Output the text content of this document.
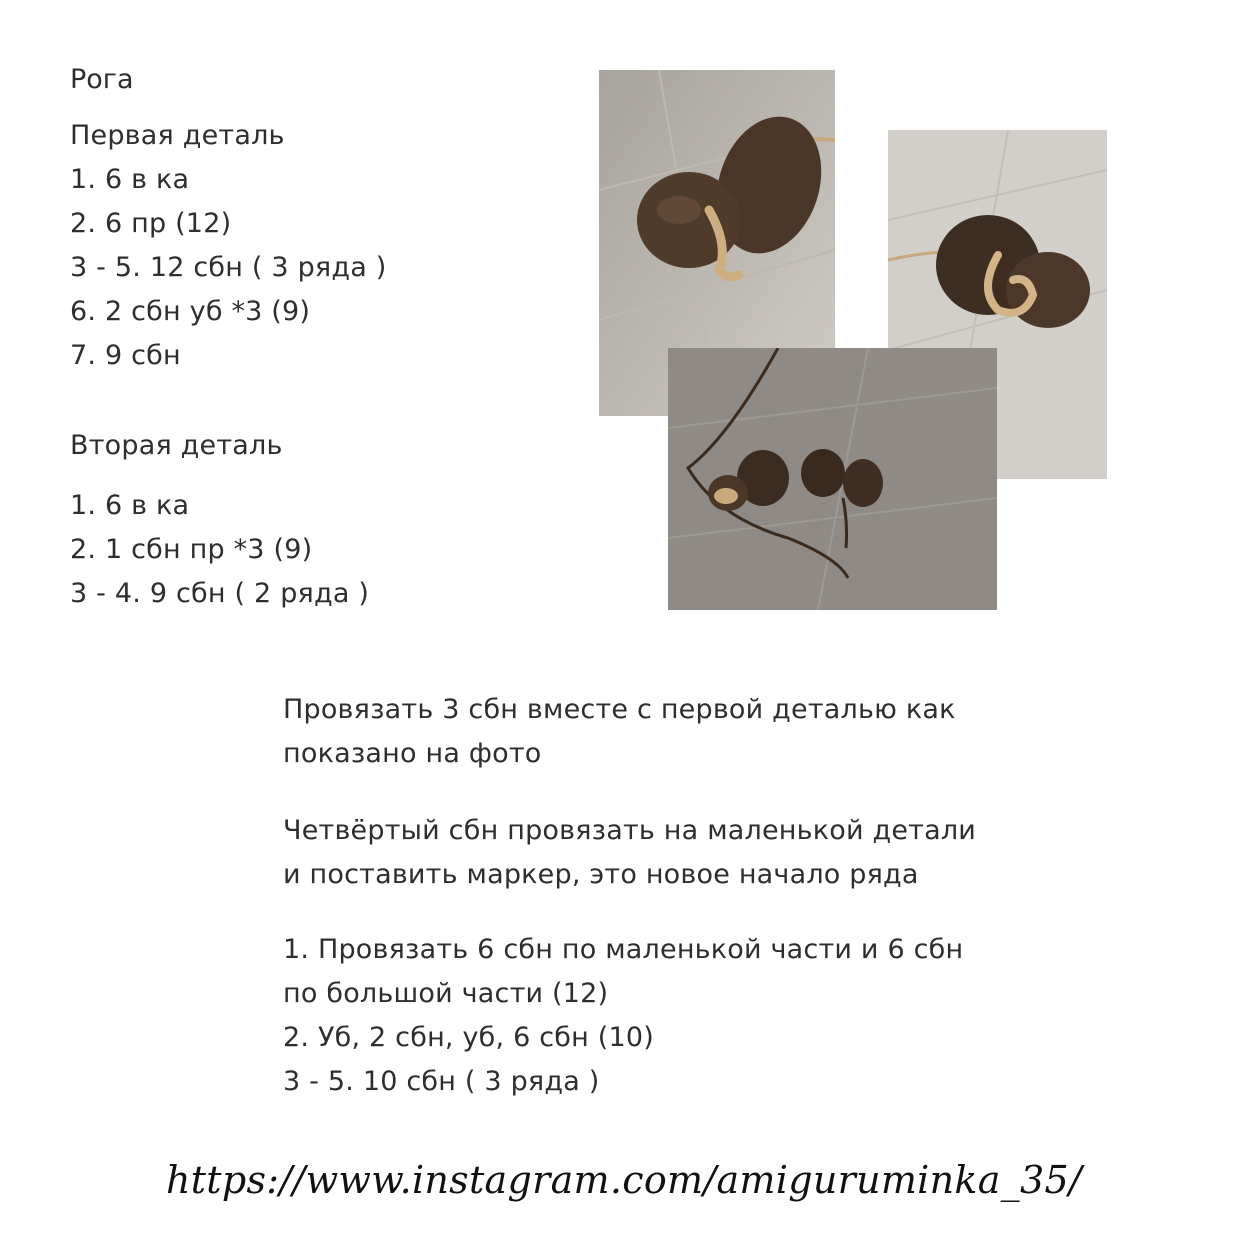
Рога
Первая деталь
1. 6 в ка
2. 6 пр (12)
3 - 5. 12 сбн ( 3 ряда )
6. 2 сбн уб *3 (9)
7. 9 сбн
Вторая деталь
1. 6 в ка
2. 1 сбн пр *3 (9)
3 - 4. 9 сбн ( 2 ряда )
Провязать 3 сбн вместе с первой деталью как
показано на фото
Четвёртый сбн провязать на маленькой детали
и поставить маркер, это новое начало ряда
1. Провязать 6 сбн по маленькой части и 6 сбн
по большой части (12)
2. Уб, 2 сбн, уб, 6 сбн (10)
3 - 5. 10 сбн ( 3 ряда )
https://www.instagram.com/amiguruminka_35/
